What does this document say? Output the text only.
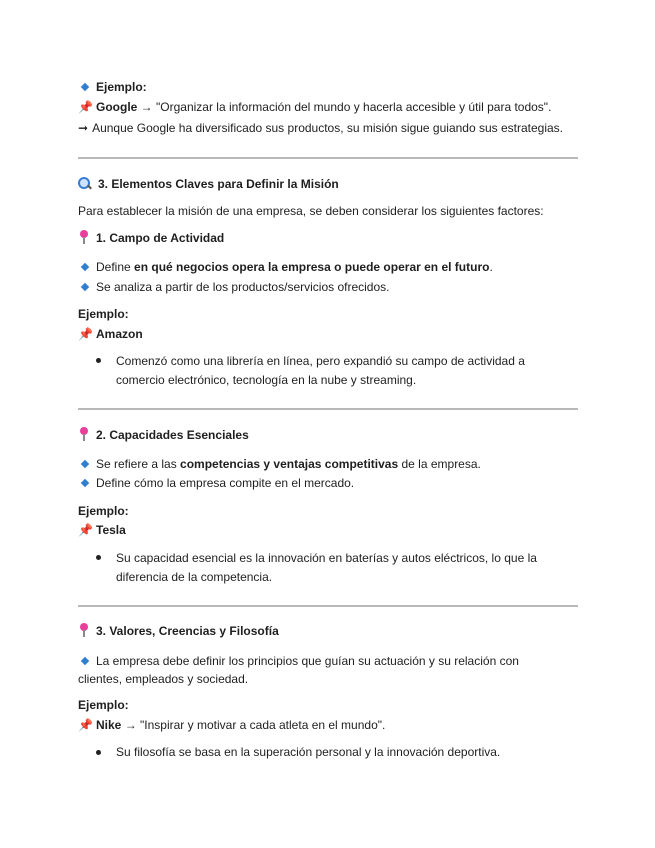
Ejemplo:
📌 Google → "Organizar la información del mundo y hacerla accesible y útil para todos".
➞ Aunque Google ha diversificado sus productos, su misión sigue guiando sus estrategias.
3. Elementos Claves para Definir la Misión
Para establecer la misión de una empresa, se deben considerar los siguientes factores:
1. Campo de Actividad
Define en qué negocios opera la empresa o puede operar en el futuro.
Se analiza a partir de los productos/servicios ofrecidos.
Ejemplo:
📌 Amazon
Comenzó como una librería en línea, pero expandió su campo de actividad a comercio electrónico, tecnología en la nube y streaming.
2. Capacidades Esenciales
Se refiere a las competencias y ventajas competitivas de la empresa.
Define cómo la empresa compite en el mercado.
Ejemplo:
📌 Tesla
Su capacidad esencial es la innovación en baterías y autos eléctricos, lo que la diferencia de la competencia.
3. Valores, Creencias y Filosofía
La empresa debe definir los principios que guían su actuación y su relación con clientes, empleados y sociedad.
Ejemplo:
📌 Nike → "Inspirar y motivar a cada atleta en el mundo".
Su filosofía se basa en la superación personal y la innovación deportiva.
